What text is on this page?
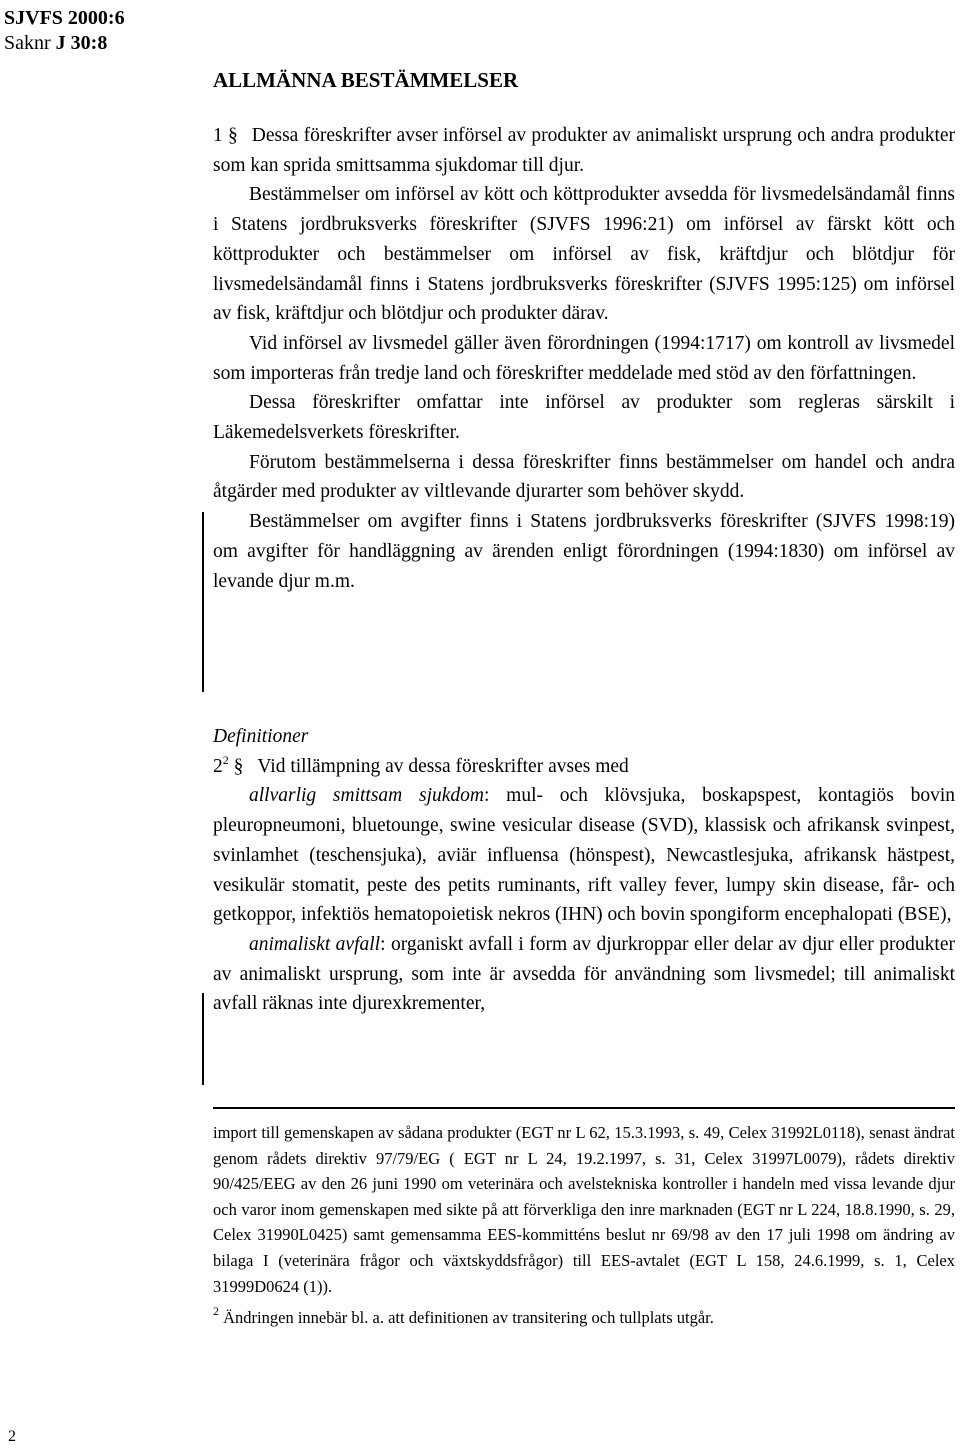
SJVFS 2000:6
Saknr J 30:8
ALLMÄNNA BESTÄMMELSER

1 § Dessa föreskrifter avser införsel av produkter av animaliskt ursprung och andra produkter som kan sprida smittsamma sjukdomar till djur.

Bestämmelser om införsel av kött och köttprodukter avsedda för livsmedelsändamål finns i Statens jordbruksverks föreskrifter (SJVFS 1996:21) om införsel av färskt kött och köttprodukter och bestämmelser om införsel av fisk, kräftdjur och blötdjur för livsmedelsändamål finns i Statens jordbruksverks föreskrifter (SJVFS 1995:125) om införsel av fisk, kräftdjur och blötdjur och produkter därav.

Vid införsel av livsmedel gäller även förordningen (1994:1717) om kontroll av livsmedel som importeras från tredje land och föreskrifter meddelade med stöd av den författningen.

Dessa föreskrifter omfattar inte införsel av produkter som regleras särskilt i Läkemedelsverkets föreskrifter.

Förutom bestämmelserna i dessa föreskrifter finns bestämmelser om handel och andra åtgärder med produkter av viltlevande djurarter som behöver skydd.

Bestämmelser om avgifter finns i Statens jordbruksverks föreskrifter (SJVFS 1998:19) om avgifter för handläggning av ärenden enligt förordningen (1994:1830) om införsel av levande djur m.m.

Definitioner

$2^2$ § Vid tillämpning av dessa föreskrifter avses med

allvarlig smittsam sjukdom: mul- och klövsjuka, boskapspest, kontagiös bovin pleuropneumoni, bluetounge, swine vesicular disease (SVD), klassisk och afrikansk svinpest, svinlamhet (teschensjuka), aviär influensa (hönspest), Newcastlesjuka, afrikansk hästpest, vesikulär stomatit, peste des petits ruminants, rift valley fever, lumpy skin disease, får- och getkoppor, infektiös hematopoietisk nekros (IHN) och bovin spongiform encephalopati (BSE),

animaliskt avfall: organiskt avfall i form av djurkroppar eller delar av djur eller produkter av animaliskt ursprung, som inte är avsedda för användning som livsmedel; till animaliskt avfall räknas inte djurexkrementer,

import till gemenskapen av sådana produkter (EGT nr L 62, 15.3.1993, s. 49, Celex 31992L0118), senast ändrat genom rådets direktiv 97/79/EG ( EGT nr L 24, 19.2.1997, s. 31, Celex 31997L0079), rådets direktiv 90/425/EEG av den 26 juni 1990 om veterinära och avelstekniska kontroller i handeln med vissa levande djur och varor inom gemenskapen med sikte på att förverkliga den inre marknaden (EGT nr L 224, 18.8.1990, s. 29, Celex 31990L0425) samt gemensamma EES-kommitténs beslut nr 69/98 av den 17 juli 1998 om ändring av bilaga I (veterinära frågor och växtskyddsfrågor) till EES-avtalet (EGT L 158, 24.6.1999, s. 1, Celex 31999D0624 (1)).

$^2$ Ändringen innebär bl. a. att definitionen av transitering och tullplats utgår.

2
